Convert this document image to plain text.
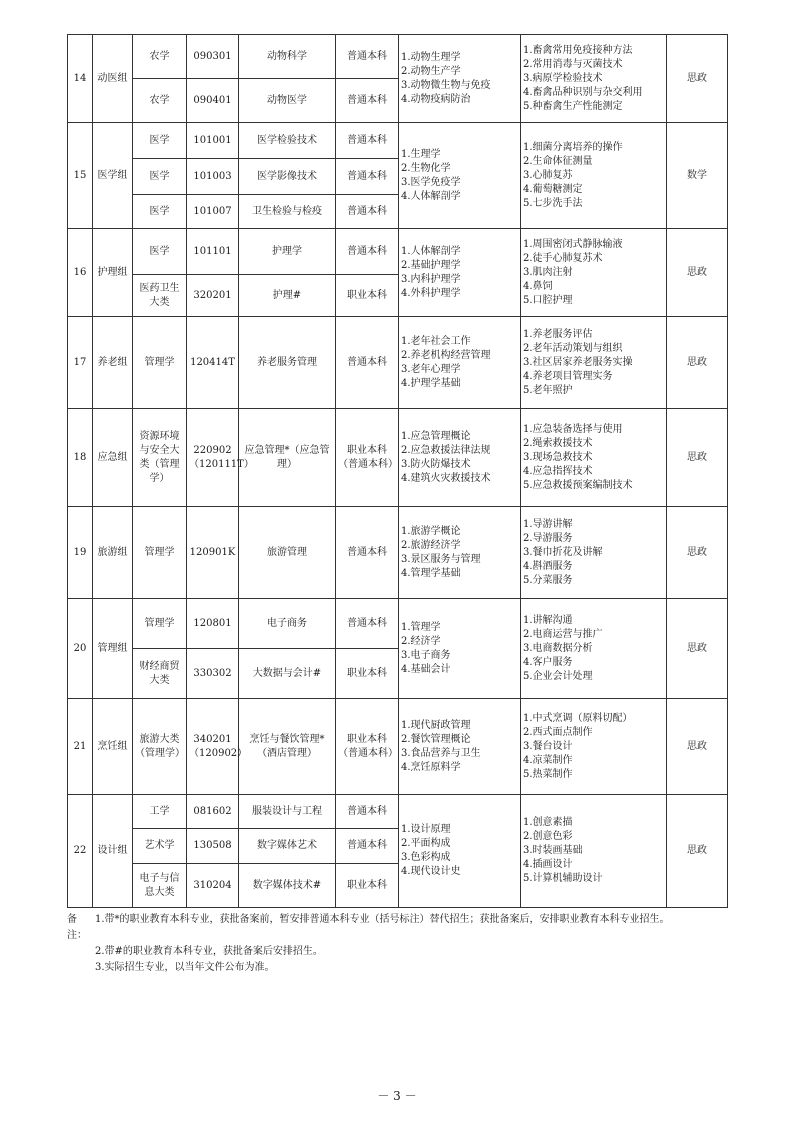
14	动医组	农学	090301	动物科学	普通本科	1.动物生理学
2.动物生产学
3.动物微生物与免疫
4.动物疫病防治	1.畜禽常用免疫接种方法
2.常用消毒与灭菌技术
3.病原学检验技术
4.畜禽品种识别与杂交利用
5.种畜禽生产性能测定	思政
		农学	090401	动物医学	普通本科			
15	医学组	医学	101001	医学检验技术	普通本科	1.生理学
2.生物化学
3.医学免疫学
4.人体解剖学	1.细菌分离培养的操作
2.生命体征测量
3.心肺复苏
4.葡萄糖测定
5.七步洗手法	数学
		医学	101003	医学影像技术	普通本科			
		医学	101007	卫生检验与检疫	普通本科			
16	护理组	医学	101101	护理学	普通本科	1.人体解剖学
2.基础护理学
3.内科护理学
4.外科护理学	1.周围密闭式静脉输液
2.徒手心肺复苏术
3.肌肉注射
4.鼻饲
5.口腔护理	思政
		医药卫生大类	320201	护理#	职业本科			
17	养老组	管理学	120414T	养老服务管理	普通本科	1.老年社会工作
2.养老机构经营管理
3.老年心理学
4.护理学基础	1.养老服务评估
2.老年活动策划与组织
3.社区居家养老服务实操
4.养老项目管理实务
5.老年照护	思政
18	应急组	资源环境与安全大类（管理学）	220902（120111T）	应急管理*（应急管理）	职业本科（普通本科）	1.应急管理概论
2.应急救援法律法规
3.防火防爆技术
4.建筑火灾救援技术	1.应急装备选择与使用
2.绳索救援技术
3.现场急救技术
4.应急指挥技术
5.应急救援预案编制技术	思政
19	旅游组	管理学	120901K	旅游管理	普通本科	1.旅游学概论
2.旅游经济学
3.景区服务与管理
4.管理学基础	1.导游讲解
2.导游服务
3.餐巾折花及讲解
4.斟酒服务
5.分菜服务	思政
20	管理组	管理学	120801	电子商务	普通本科	1.管理学
2.经济学
3.电子商务
4.基础会计	1.讲解沟通
2.电商运营与推广
3.电商数据分析
4.客户服务
5.企业会计处理	思政
		财经商贸大类	330302	大数据与会计#	职业本科			
21	烹饪组	旅游大类（管理学）	340201（120902）	烹饪与餐饮管理*（酒店管理）	职业本科（普通本科）	1.现代厨政管理
2.餐饮管理概论
3.食品营养与卫生
4.烹饪原料学	1.中式烹调（原料切配）
2.西式面点制作
3.餐台设计
4.凉菜制作
5.热菜制作	思政
22	设计组	工学	081602	服装设计与工程	普通本科	1.设计原理
2.平面构成
3.色彩构成
4.现代设计史	1.创意素描
2.创意色彩
3.时装画基础
4.插画设计
5.计算机辅助设计	思政
		艺术学	130508	数字媒体艺术	普通本科			
		电子与信息大类	310204	数字媒体技术#	职业本科			
备注：
1.带*的职业教育本科专业，获批备案前，暂安排普通本科专业（括号标注）替代招生；获批备案后，安排职业教育本科专业招生。
2.带#的职业教育本科专业，获批备案后安排招生。
3.实际招生专业，以当年文件公布为准。
－ 3 －
